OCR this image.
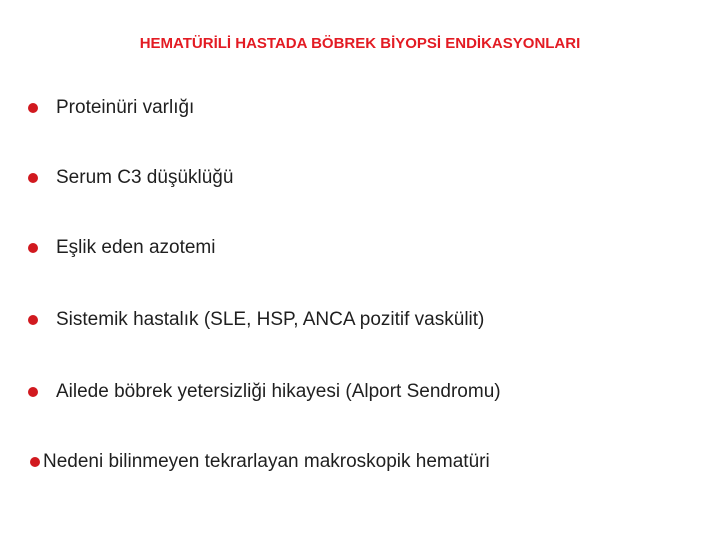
HEMATÜRİLİ HASTADA BÖBREK BİYOPSİ ENDİKASYONLARI
Proteinüri varlığı
Serum C3 düşüklüğü
Eşlik eden azotemi
Sistemik hastalık (SLE, HSP, ANCA pozitif vaskülit)
Ailede böbrek yetersizliği hikayesi (Alport Sendromu)
Nedeni bilinmeyen tekrarlayan makroskopik hematüri
